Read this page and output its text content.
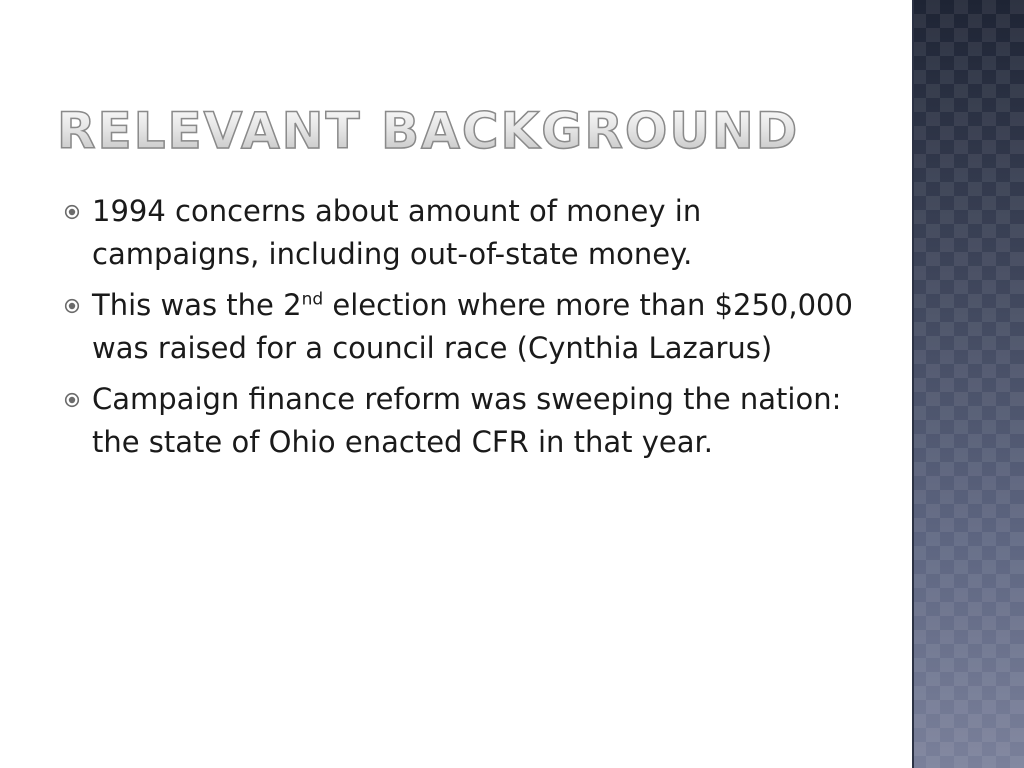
RELEVANT BACKGROUND
1994 concerns about amount of money in campaigns, including out-of-state money.
This was the 2nd election where more than $250,000 was raised for a council race (Cynthia Lazarus)
Campaign finance reform was sweeping the nation: the state of Ohio enacted CFR in that year.
